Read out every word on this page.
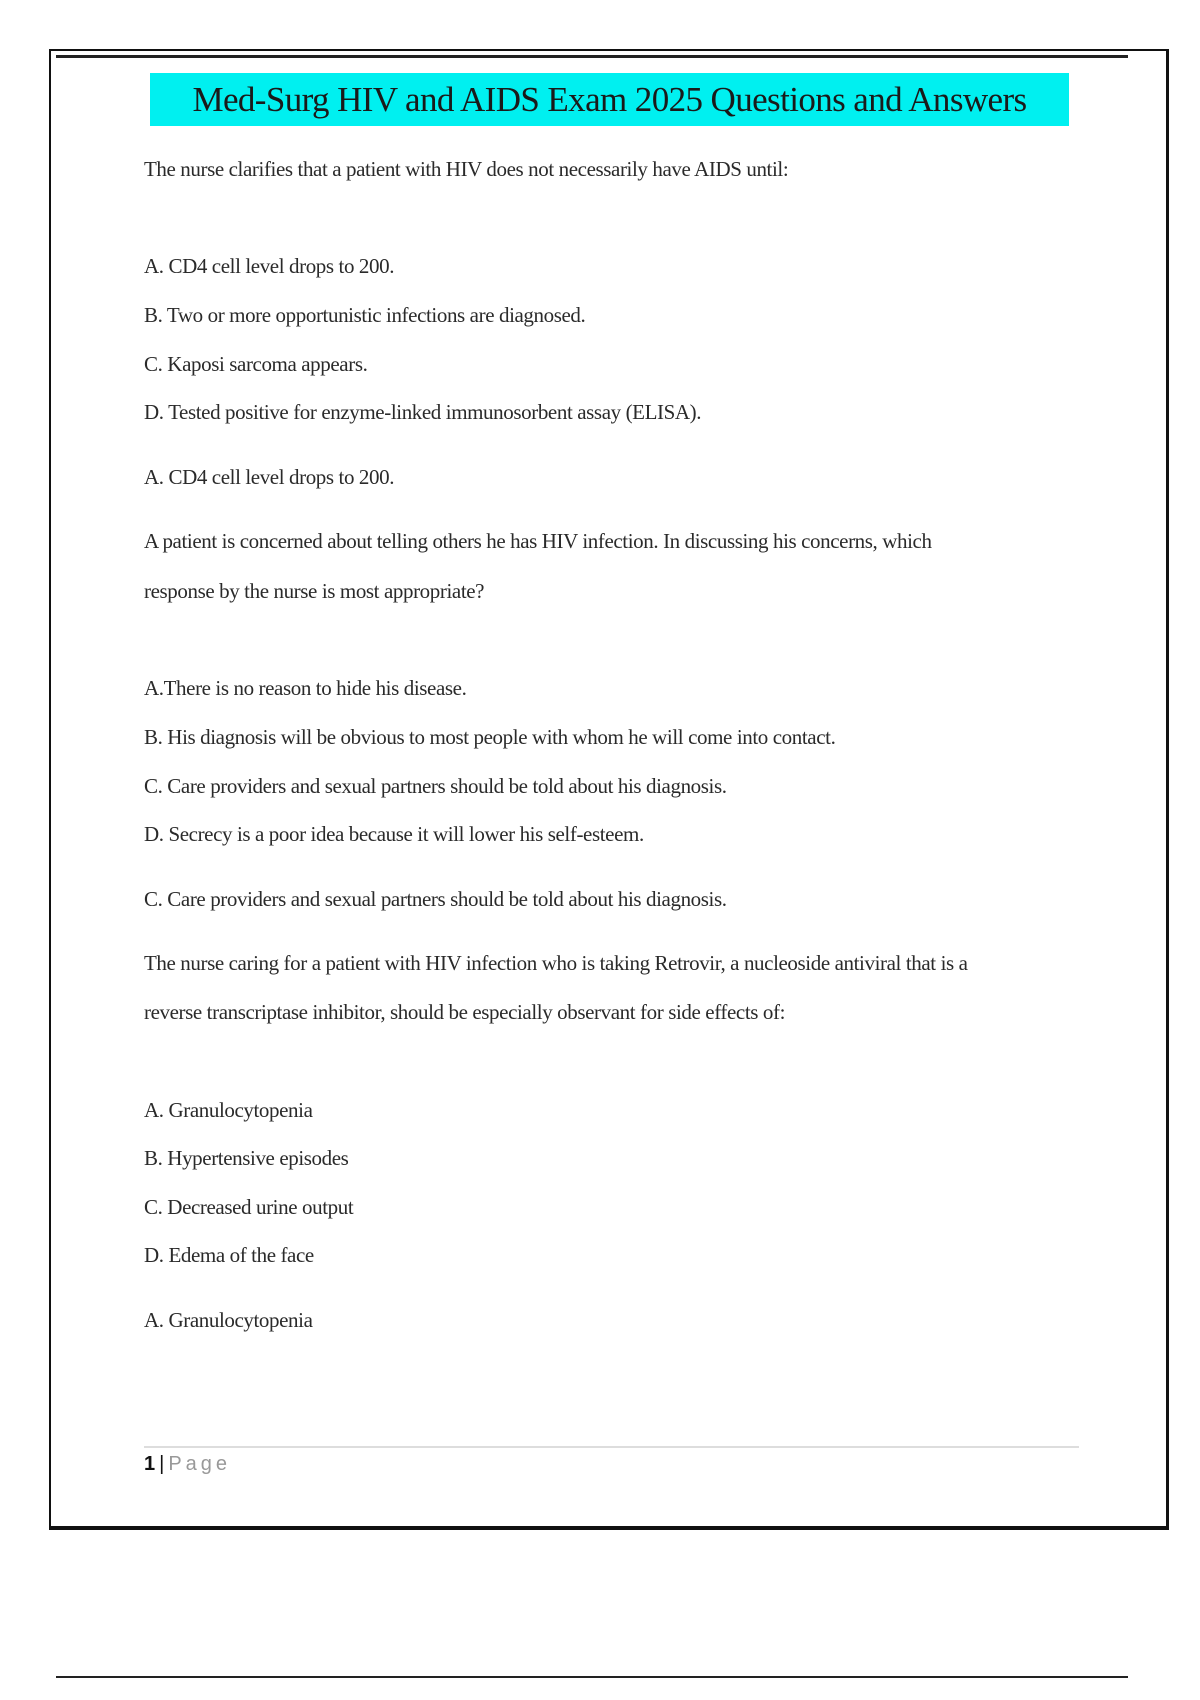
Med-Surg HIV and AIDS Exam 2025 Questions and Answers
The nurse clarifies that a patient with HIV does not necessarily have AIDS until:
A. CD4 cell level drops to 200.
B. Two or more opportunistic infections are diagnosed.
C. Kaposi sarcoma appears.
D. Tested positive for enzyme-linked immunosorbent assay (ELISA).
A. CD4 cell level drops to 200.
A patient is concerned about telling others he has HIV infection. In discussing his concerns, which
response by the nurse is most appropriate?
A.There is no reason to hide his disease.
B. His diagnosis will be obvious to most people with whom he will come into contact.
C. Care providers and sexual partners should be told about his diagnosis.
D. Secrecy is a poor idea because it will lower his self-esteem.
C. Care providers and sexual partners should be told about his diagnosis.
The nurse caring for a patient with HIV infection who is taking Retrovir, a nucleoside antiviral that is a
reverse transcriptase inhibitor, should be especially observant for side effects of:
A. Granulocytopenia
B. Hypertensive episodes
C. Decreased urine output
D. Edema of the face
A. Granulocytopenia
1 | Page
